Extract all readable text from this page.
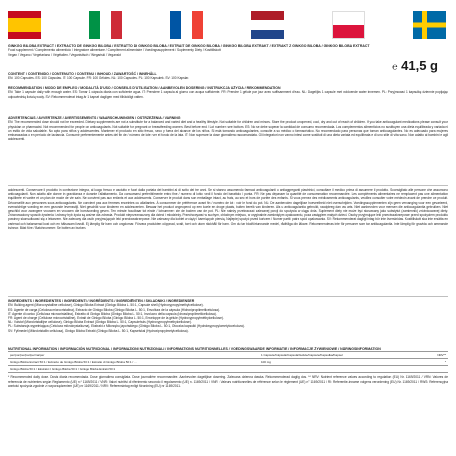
GINKGO BILOBA EXTRACT / EXTRACTO DE GINKGO BILOBA / ESTRATTO DI GINKGO BILOBA / EXTRAIT DE GINKGO BILOBA / GINKGO BILOBA EXTRAKT / EXTRAKT Z GINKGO BILOBA / GINKGO BILOBA EXTRACT
Food supplement / Complemento alimenticio / Integratore alimentare / Complément alimentaire / Voedingssupplement / Suplementy Diety / Kosttillskott
Vegan / Vegano / Vegetariano / Végétalien / Veganistisch / Wegański / Veganskt
℮ 41,5 g
CONTENT / CONTENIDO / CONTENUTO / CONTENU / INHOUD / ZAWARTOŚĆ / INNEHÅLL
EN: 100 Capsules. ES: 100 Cápsulas. IT: 100 Capsule. FR: 100 Gélules. NL: 100 Capsules. PL: 100 Kapsułek. SV: 100 Kapslar.
RECOMMENDATION / MODO DE EMPLEO / MODALITÀ D'USO / CONSEILS D'UTILISATION / AANBEVOLEN DOSERING / INSTRUKCJA UŻYCIA / REKOMMENDATION
EN: Take 1 capsule daily with enough water. ES: Tomar 1 cápsula diaria con suficiente agua. IT: Prendere 1 capsula al giorno con acqua sufficiente. FR: Prendre 1 gélule par jour avec suffisamment d'eau. NL: Dagelijks 1 capsule met voldoende water innemen. PL: Przyjmować 1 kapsułkę dziennie popijając odpowiednią ilością wody. SV: Rekommenderat intag är 1 kapsel dagligen med tillräckligt vatten.
ADVERTENCIAS / AVVERTENZE / AVERTISSEMENTS / WAARSCHUWINGEN / OSTRZEŻENIA / VARNING
EN: The recommended dose should not be exceeded. Dietary supplements are not a substitute for a balanced and varied diet and a healthy lifestyle. Not suitable for children and minors. Store the product unopened, cool, dry and out of reach of children. If you take anticoagulant medications please consult your physician or pharmacist. Not recommended for people on anticoagulants. Not suitable for pregnant or breastfeeding women. Best before end / Lot number: see bottom. ES: No se debe superar la cantidad de consumo recomendada. Los complementos alimenticios no sustituyen una dieta equilibrada y variada ni un estilo de vida saludable. No apto para niños y adolescentes. Mantener el producto en sitio fresco, seco y fuera del alcance de los niños. Si está tomando anticoagulantes, consulte a su médico o farmacéutico. No recomendado para personas que toman anticoagulantes. No es adecuado para mujeres embarazadas o en período de lactancia. Consumir preferentemente antes del fin de / número de lote: ver el fondo de la lata. IT: Non superare la dose giornaliera raccomandata. Gli integratori non vanno intesi come sostituti di una dieta variata ed equilibrata e di uno stile di vita sano. Non adatto ai bambini e agli adolescenti.
adolescenti. Conservare il prodotto in confezione integra, al luogo fresco e asciutto e fuori dalla portata dei bambini al di sotto dei tre anni. Se si stanno assumendo farmaci anticoagulanti o antiaggreganti piastrinici, consultare il medico prima di assumere il prodotto. Sconsigliato alle persone che assumono anticoagulanti. Non adatto alle donne in gravidanza e durante l'allattamento. Da consumarsi preferibilmente entro fine / numero di lotto: vedi il fondo del barattolo / punta. FR: Ne pas dépasser la quantité de consommation recommandée. Les compléments alimentaires ne remplacent pas une alimentation équilibrée et variée et un plan de mode de vie sain. Ne convient pas aux enfants et aux adolescents. Conserver le produit dans son emballage intact, au frais, au sec et hors de portée des enfants. Si vous prenez des médicaments anticoagulants, veuillez consulter votre médecin avant de prendre ce produit. Déconseillé aux personnes sous anticoagulants. Ne convient pas aux femmes enceintes ou allaitantes. À consommer de préférence avant fin / numéro de lot : voir le fond du pot. NL: De aanbevolen dagelijkse hoeveelheid niet overschrijden. Voedingssupplementen zijn geen vervanging voor een gevarieerd, evenwichtige voeding en een gezonde levensstijl. Niet geschikt voor kinderen en adolescenten. Bewaar het product ongeopend op een koele en droge plaats, buiten bereik van kinderen. Als u anticoagulantia gebruikt, raadpleeg dan uw arts. Niet aanbevolen voor mensen die anticoagulantia gebruiken. Niet geschikt voor zwangere vrouwen en vrouwen die borstvoeding geven. Ten minste houdbaar tot einde / lotnummer: zie de bodem van de pot. PL: Nie należy przekraczać zalecanej porcji do spożycia w ciągu dnia. Suplement diety nie może być stosowany jako substytut (zamiennik) zróżnicowanej diety. Zrównoważony sposób żywienia i zdrowy tryb życia są ważne dla zdrowia. Produkt nieprzeznaczony dla dzieci i młodzieży. Przechowywać w suchym, chłodnym miejscu, w oryginalnie zamkniętym opakowaniu, poza zasięgiem małych dzieci. Osoby przyjmujące leki przeciwzakrzepowe przed spożyciem produktu powinny skonsultować się z lekarzem. Nie zalecany dla osób przyjmujących leki przeciwzakrzepowe. Nie zalecany dla kobiet w ciąży i karmiących piersią. Najlepiej spożyć przed końcem / Numer partii: patrz spód opakowania. SV: Rekommenderat dagligt intag bör inte överskridas. Kosttillskott ska inte ersätta en varierad och balanserad kost och en hälsosam livsstil. Ej lämplig för barn och ungdomar. Förvara produkten oöppnad, svalt, torrt och utom räckhåll för barn. Om du tar blodförtunnande medel, rådfråga din läkare. Rekommenderas inte för personer som tar antikoagulantia. Inte lämplig för gravida och ammande kvinnor. Bäst före / Batchnummer: Se botten av burken.
INGREDIENTS / INGREDIENTES / INGREDIENTI / INGRÉDIENTS / INGREDIËNTEN / SKŁADNIKI / INGREDIENSER
EN: Bulking agent (Microcrystalline cellulose), Ginkgo Biloba Extract (Ginkgo Biloba L. 50:1, Capsule shell (Hydroxypropylmethylcellulose).
ES: Agente de carga (Celulosa microcristalina), Extracto de Ginkgo Biloba (Ginkgo Biloba L. 50:1, Envoltura de la cápsula (Hidroxipropilmetilcelulosa).
IT: Agente di carico (Cellulosa microcristallina), Estratto di Ginkgo Biloba (Ginkgo Biloba L. 50:1, Involucro della capsula (Idrossipropilmetilcellulosa).
FR: Agent de charge (Cellulose microcristalline), Extrait de Ginkgo Biloba (Ginkgo Biloba L. 50:1, Enveloppe de la gélule (Hydroxypropylméthylcellulose).
NL: Vulstof (Microkristallijne cellulose), Ginkgo Biloba Extract (Ginkgo Biloba L. 50:1, Capsulehuls (Hydroxypropylmethylcellulose).
PL: Substancja wypełniająca (Celuloza mikrokrystaliczna), Ekstrakt z Miłorzębu japońskiego (Ginkgo Biloba L. 50:1, Otoczka kapsułki (Hydroksypropylometyloceluloza).
SV: Fyllmedel (Mikrokristallin cellulosa), Ginkgo Biloba Extrakt (Ginkgo Biloba L. 50:1, Kapselskal (Hydroxipropylmetylcellulosa).
NUTRITIONAL INFORMATION / INFORMACIÓN NUTRICIONAL / INFORMAZIONI NUTRIZIONALI / INFORMATIONS NUTRITIONNELLES / VOEDINGSWAARDE INFORMATIE / INFORMACJE ŻYWIENIOWE / NÄRINGSINFORMATION
per/por/per/par/per/na/per	1 Capsule/Cápsula/Capsula/Gélule/Capsule/Kapsułka/Kapsel	NRV**
Ginkgo Biloba Extract 50:1 / Extracto de Ginkgo Biloba 50:1 / Estratto di Ginkgo Biloba 50:1 / ...	100 mg	*
Ginkgo Biloba 50:1 / Ekstrakt z Ginkgo Biloba 50:1 / Ginkgo Biloba Extrakt 50:1		
* Recommended daily dose. Dosis diaria recomendada. Dose giornaliera consigliata. Dose journalière recommandée. Aanbevolen dagelijkse dosering. Zalecana dzienna dawka. Rekommenderad daglig dos. ** NRV: Nutrient reference values according to regulation (EU) Nr. 1169/2011 / VRN: Valores de referencia de nutrientes según Reglamento (UE) n.º 1169/2011 / VNR: Valori nutritivi di riferimento secondo il regolamento (UE) n. 1169/2011 / VNR : Valeurs nutritionnelles de référence selon le règlement (UE) n° 1169/2011 / RI: Referentie-inname volgens verordening (EU) Nr. 1169/2011 / RWS: Referencyjna wartość spożycia zgodnie z rozporządzeniem (UE) nr 1169/2011 / NRV: Referensintag enligt förordning (EU) nr 1169/2011.
